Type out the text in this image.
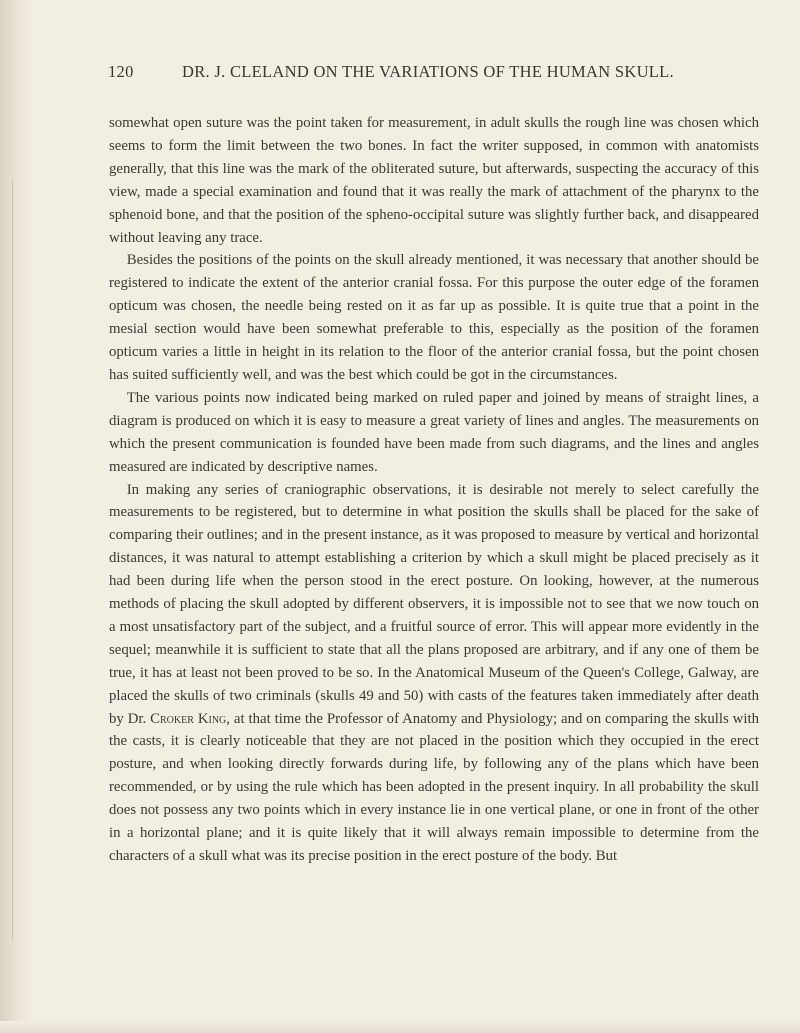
120	DR. J. CLELAND ON THE VARIATIONS OF THE HUMAN SKULL.

somewhat open suture was the point taken for measurement, in adult skulls the rough line was chosen which seems to form the limit between the two bones. In fact the writer supposed, in common with anatomists generally, that this line was the mark of the obliterated suture, but afterwards, suspecting the accuracy of this view, made a special examination and found that it was really the mark of attachment of the pharynx to the sphenoid bone, and that the position of the spheno-occipital suture was slightly further back, and disappeared without leaving any trace.

Besides the positions of the points on the skull already mentioned, it was necessary that another should be registered to indicate the extent of the anterior cranial fossa. For this purpose the outer edge of the foramen opticum was chosen, the needle being rested on it as far up as possible. It is quite true that a point in the mesial section would have been somewhat preferable to this, especially as the position of the foramen opticum varies a little in height in its relation to the floor of the anterior cranial fossa, but the point chosen has suited sufficiently well, and was the best which could be got in the circumstances.

The various points now indicated being marked on ruled paper and joined by means of straight lines, a diagram is produced on which it is easy to measure a great variety of lines and angles. The measurements on which the present communication is founded have been made from such diagrams, and the lines and angles measured are indicated by descriptive names.

In making any series of craniographic observations, it is desirable not merely to select carefully the measurements to be registered, but to determine in what position the skulls shall be placed for the sake of comparing their outlines; and in the present instance, as it was proposed to measure by vertical and horizontal distances, it was natural to attempt establishing a criterion by which a skull might be placed precisely as it had been during life when the person stood in the erect posture. On looking, however, at the numerous methods of placing the skull adopted by different observers, it is impossible not to see that we now touch on a most unsatisfactory part of the subject, and a fruitful source of error. This will appear more evidently in the sequel; meanwhile it is sufficient to state that all the plans proposed are arbitrary, and if any one of them be true, it has at least not been proved to be so. In the Anatomical Museum of the Queen's College, Galway, are placed the skulls of two criminals (skulls 49 and 50) with casts of the features taken immediately after death by Dr. Croker King, at that time the Professor of Anatomy and Physiology; and on comparing the skulls with the casts, it is clearly noticeable that they are not placed in the position which they occupied in the erect posture, and when looking directly forwards during life, by following any of the plans which have been recommended, or by using the rule which has been adopted in the present inquiry. In all probability the skull does not possess any two points which in every instance lie in one vertical plane, or one in front of the other in a horizontal plane; and it is quite likely that it will always remain impossible to determine from the characters of a skull what was its precise position in the erect posture of the body. But
